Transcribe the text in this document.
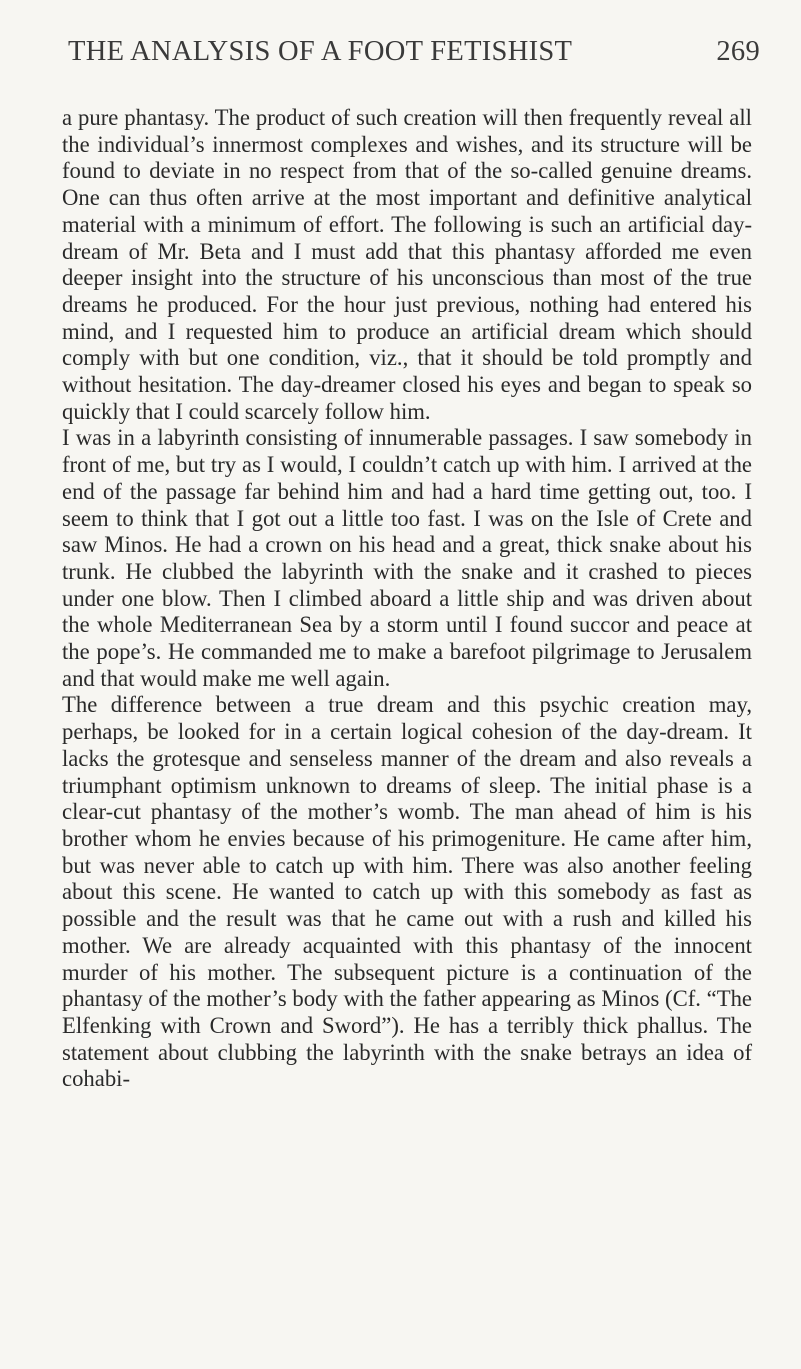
THE ANALYSIS OF A FOOT FETISHIST	269

a pure phantasy. The product of such creation will then frequently reveal all the individual’s innermost complexes and wishes, and its structure will be found to deviate in no respect from that of the so-called genuine dreams. One can thus often arrive at the most important and definitive analytical material with a minimum of effort. The following is such an artificial day-dream of Mr. Beta and I must add that this phantasy afforded me even deeper insight into the structure of his unconscious than most of the true dreams he produced. For the hour just previous, nothing had entered his mind, and I requested him to produce an artificial dream which should comply with but one condition, viz., that it should be told promptly and without hesitation. The day-dreamer closed his eyes and began to speak so quickly that I could scarcely follow him.

I was in a labyrinth consisting of innumerable passages. I saw somebody in front of me, but try as I would, I couldn’t catch up with him. I arrived at the end of the passage far behind him and had a hard time getting out, too. I seem to think that I got out a little too fast. I was on the Isle of Crete and saw Minos. He had a crown on his head and a great, thick snake about his trunk. He clubbed the labyrinth with the snake and it crashed to pieces under one blow. Then I climbed aboard a little ship and was driven about the whole Mediterranean Sea by a storm until I found succor and peace at the pope’s. He commanded me to make a barefoot pilgrimage to Jerusalem and that would make me well again.

The difference between a true dream and this psychic creation may, perhaps, be looked for in a certain logical cohesion of the day-dream. It lacks the grotesque and senseless manner of the dream and also reveals a triumphant optimism unknown to dreams of sleep. The initial phase is a clear-cut phantasy of the mother’s womb. The man ahead of him is his brother whom he envies because of his primogeniture. He came after him, but was never able to catch up with him. There was also another feeling about this scene. He wanted to catch up with this somebody as fast as possible and the result was that he came out with a rush and killed his mother. We are already acquainted with this phantasy of the innocent murder of his mother. The subsequent picture is a continuation of the phantasy of the mother’s body with the father appearing as Minos (Cf. “The Elfenking with Crown and Sword”). He has a terribly thick phallus. The statement about clubbing the labyrinth with the snake betrays an idea of cohabi-
